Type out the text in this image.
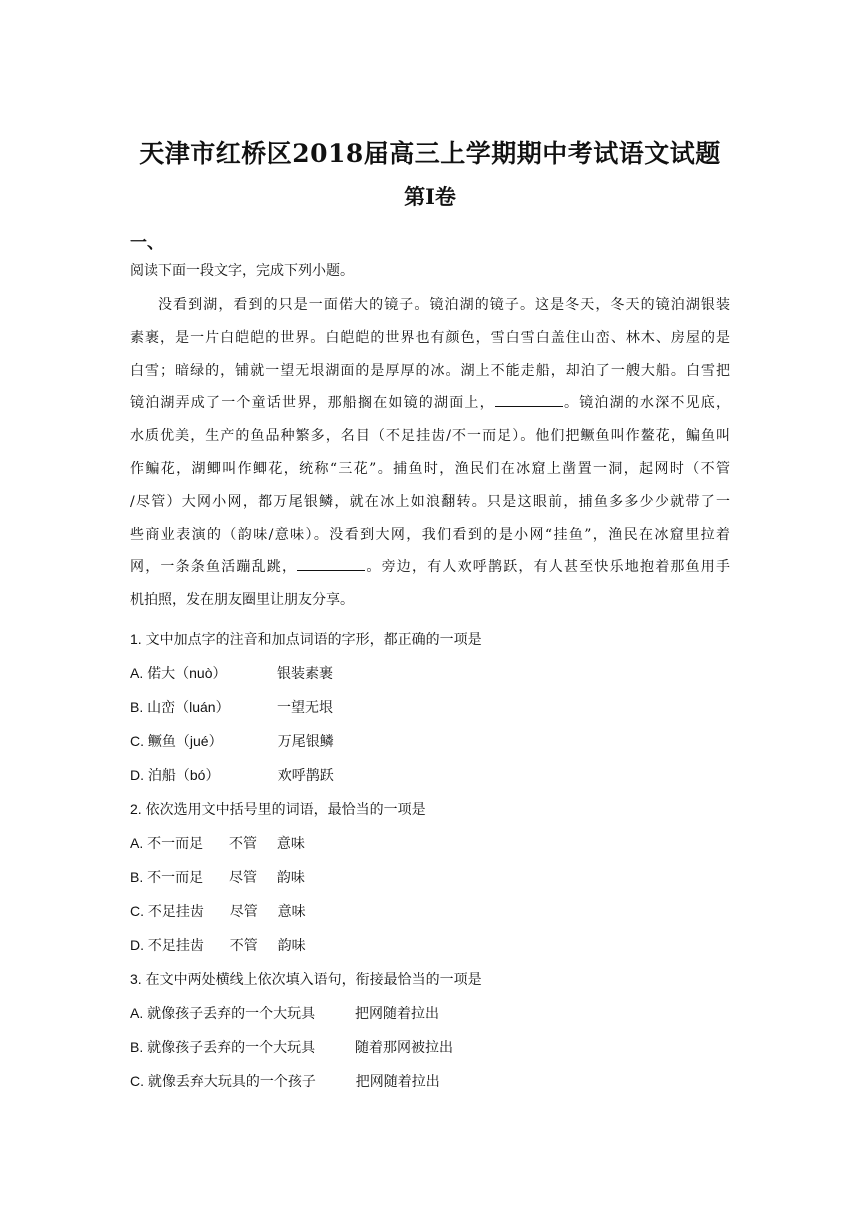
天津市红桥区2018届高三上学期期中考试语文试题
第Ⅰ卷
一、
阅读下面一段文字，完成下列小题。
没看到湖，看到的只是一面偌大的镜子。镜泊湖的镜子。这是冬天，冬天的镜泊湖银装
素裹，是一片白皑皑的世界。白皑皑的世界也有颜色，雪白雪白盖住山峦、林木、房屋的是
白雪；暗绿的，铺就一望无垠湖面的是厚厚的冰。湖上不能走船，却泊了一艘大船。白雪把
镜泊湖弄成了一个童话世界，那船搁在如镜的湖面上，	。镜泊湖的水深不见底，
水质优美，生产的鱼品种繁多，名目（不足挂齿/不一而足）。他们把鳜鱼叫作鳌花，鳊鱼叫
作鳊花，湖鲫叫作鲫花，统称“三花”。捕鱼时，渔民们在冰窟上凿置一洞，起网时（不管
/尽管）大网小网，都万尾银鳞，就在冰上如浪翻转。只是这眼前，捕鱼多多少少就带了一
些商业表演的（韵味/意味）。没看到大网，我们看到的是小网“挂鱼”，渔民在冰窟里拉着
网，一条条鱼活蹦乱跳，	。旁边，有人欢呼鹊跃，有人甚至快乐地抱着那鱼用手
机拍照，发在朋友圈里让朋友分享。
1. 文中加点字的注音和加点词语的字形，都正确的一项是
A. 偌大（nuò）	银装素裹
B. 山峦（luán）	一望无垠
C. 鳜鱼（jué）	万尾银鳞
D. 泊船（bó）	欢呼鹊跃
2. 依次选用文中括号里的词语，最恰当的一项是
A. 不一而足 不管 意味
B. 不一而足 尽管 韵味
C. 不足挂齿 尽管 意味
D. 不足挂齿 不管 韵味
3. 在文中两处横线上依次填入语句，衔接最恰当的一项是
A. 就像孩子丢弃的一个大玩具	把网随着拉出
B. 就像孩子丢弃的一个大玩具	随着那网被拉出
C. 就像丢弃大玩具的一个孩子	把网随着拉出
